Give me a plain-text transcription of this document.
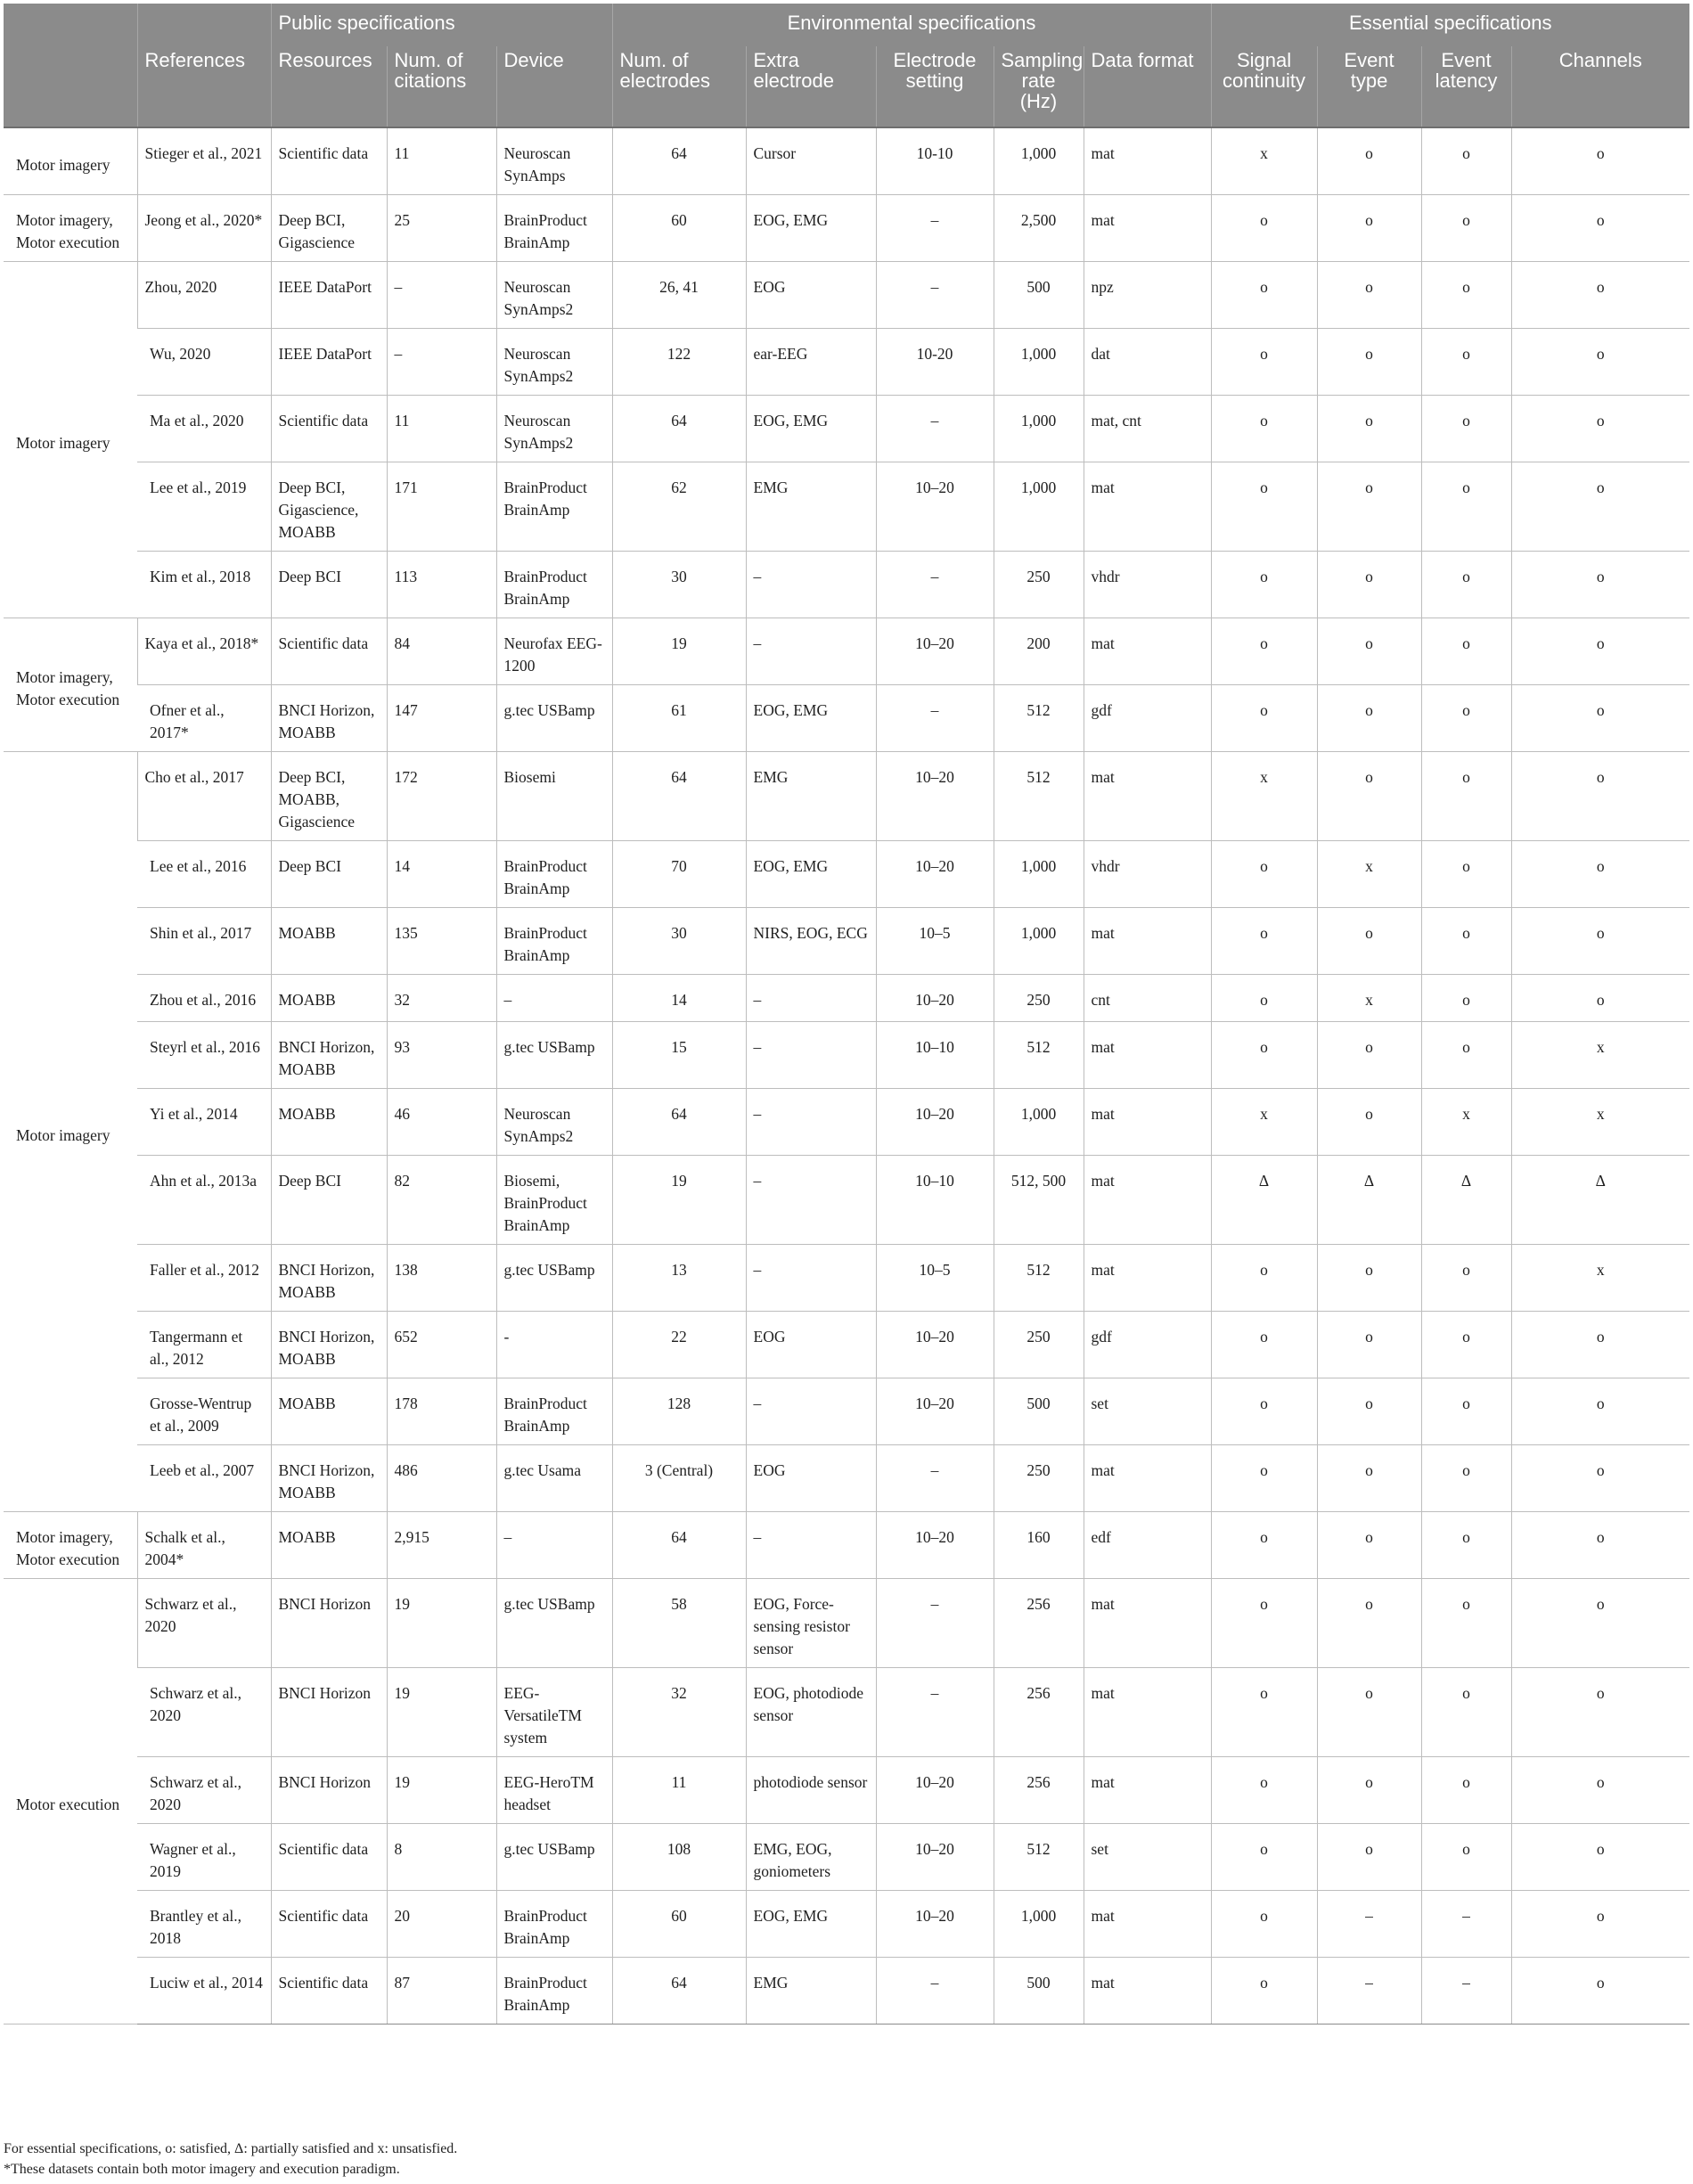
		Public specifications			Environmental specifications					Essential specifications			
	References	Resources	Num. of citations	Device	Num. of electrodes	Extra electrode	Electrode setting	Sampling rate (Hz)	Data format	Signal continuity	Event type	Event latency	Channels
Motor imagery	Stieger et al., 2021	Scientific data	11	Neuroscan SynAmps	64	Cursor	10-10	1,000	mat	x	o	o	o
Motor imagery, Motor execution	Jeong et al., 2020*	Deep BCI, Gigascience	25	BrainProduct BrainAmp	60	EOG, EMG	–	2,500	mat	o	o	o	o
Motor imagery	Zhou, 2020	IEEE DataPort	–	Neuroscan SynAmps2	26, 41	EOG	–	500	npz	o	o	o	o
	Wu, 2020	IEEE DataPort	–	Neuroscan SynAmps2	122	ear-EEG	10-20	1,000	dat	o	o	o	o
	Ma et al., 2020	Scientific data	11	Neuroscan SynAmps2	64	EOG, EMG	–	1,000	mat, cnt	o	o	o	o
	Lee et al., 2019	Deep BCI, Gigascience, MOABB	171	BrainProduct BrainAmp	62	EMG	10–20	1,000	mat	o	o	o	o
	Kim et al., 2018	Deep BCI	113	BrainProduct BrainAmp	30	–	–	250	vhdr	o	o	o	o
Motor imagery, Motor execution	Kaya et al., 2018*	Scientific data	84	Neurofax EEG-1200	19	–	10–20	200	mat	o	o	o	o
	Ofner et al., 2017*	BNCI Horizon, MOABB	147	g.tec USBamp	61	EOG, EMG	–	512	gdf	o	o	o	o
Motor imagery	Cho et al., 2017	Deep BCI, MOABB, Gigascience	172	Biosemi	64	EMG	10–20	512	mat	x	o	o	o
	Lee et al., 2016	Deep BCI	14	BrainProduct BrainAmp	70	EOG, EMG	10–20	1,000	vhdr	o	x	o	o
	Shin et al., 2017	MOABB	135	BrainProduct BrainAmp	30	NIRS, EOG, ECG	10–5	1,000	mat	o	o	o	o
	Zhou et al., 2016	MOABB	32	–	14	–	10–20	250	cnt	o	x	o	o
	Steyrl et al., 2016	BNCI Horizon, MOABB	93	g.tec USBamp	15	–	10–10	512	mat	o	o	o	x
	Yi et al., 2014	MOABB	46	Neuroscan SynAmps2	64	–	10–20	1,000	mat	x	o	x	x
	Ahn et al., 2013a	Deep BCI	82	Biosemi, BrainProduct BrainAmp	19	–	10–10	512, 500	mat	Δ	Δ	Δ	Δ
	Faller et al., 2012	BNCI Horizon, MOABB	138	g.tec USBamp	13	–	10–5	512	mat	o	o	o	x
	Tangermann et al., 2012	BNCI Horizon, MOABB	652	-	22	EOG	10–20	250	gdf	o	o	o	o
	Grosse-Wentrup et al., 2009	MOABB	178	BrainProduct BrainAmp	128	–	10–20	500	set	o	o	o	o
	Leeb et al., 2007	BNCI Horizon, MOABB	486	g.tec Usama	3 (Central)	EOG	–	250	mat	o	o	o	o
Motor imagery, Motor execution	Schalk et al., 2004*	MOABB	2,915	–	64	–	10–20	160	edf	o	o	o	o
Motor execution	Schwarz et al., 2020	BNCI Horizon	19	g.tec USBamp	58	EOG, Force-sensing resistor sensor	–	256	mat	o	o	o	o
	Schwarz et al., 2020	BNCI Horizon	19	EEG-VersatileTM system	32	EOG, photodiode sensor	–	256	mat	o	o	o	o
	Schwarz et al., 2020	BNCI Horizon	19	EEG-HeroTM headset	11	photodiode sensor	10–20	256	mat	o	o	o	o
	Wagner et al., 2019	Scientific data	8	g.tec USBamp	108	EMG, EOG, goniometers	10–20	512	set	o	o	o	o
	Brantley et al., 2018	Scientific data	20	BrainProduct BrainAmp	60	EOG, EMG	10–20	1,000	mat	o	–	–	o
	Luciw et al., 2014	Scientific data	87	BrainProduct BrainAmp	64	EMG	–	500	mat	o	–	–	o
For essential specifications, o: satisfied, Δ: partially satisfied and x: unsatisfied.
*These datasets contain both motor imagery and execution paradigm.
